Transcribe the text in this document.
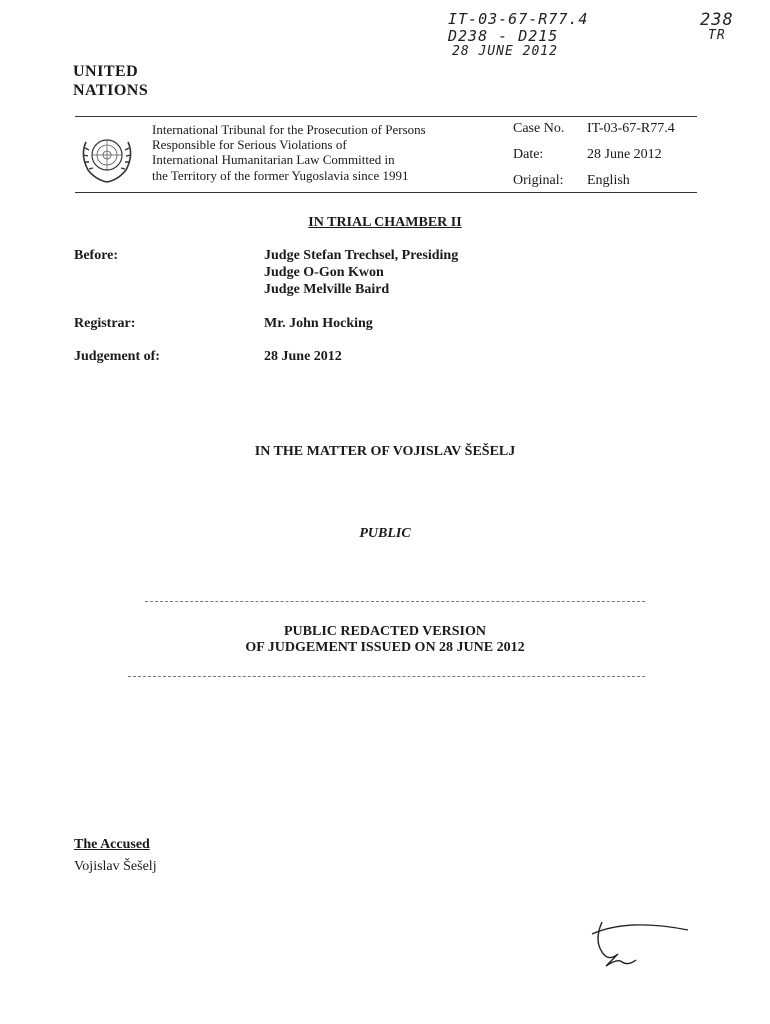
IT-03-67-R77.4
D238 - D215
28 JUNE 2012
238
TR
UNITED
NATIONS
International Tribunal for the Prosecution of Persons
Responsible for Serious Violations of
International Humanitarian Law Committed in
the Territory of the former Yugoslavia since 1991
Case No. IT-03-67-R77.4
Date:	28 June 2012
Original: English
IN TRIAL CHAMBER II
Before:	Judge Stefan Trechsel, Presiding
Judge O-Gon Kwon
Judge Melville Baird
Registrar:	Mr. John Hocking
Judgement of:	28 June 2012
IN THE MATTER OF VOJISLAV ŠEŠELJ
PUBLIC
PUBLIC REDACTED VERSION
OF JUDGEMENT ISSUED ON 28 JUNE 2012
The Accused
Vojislav Šešelj
